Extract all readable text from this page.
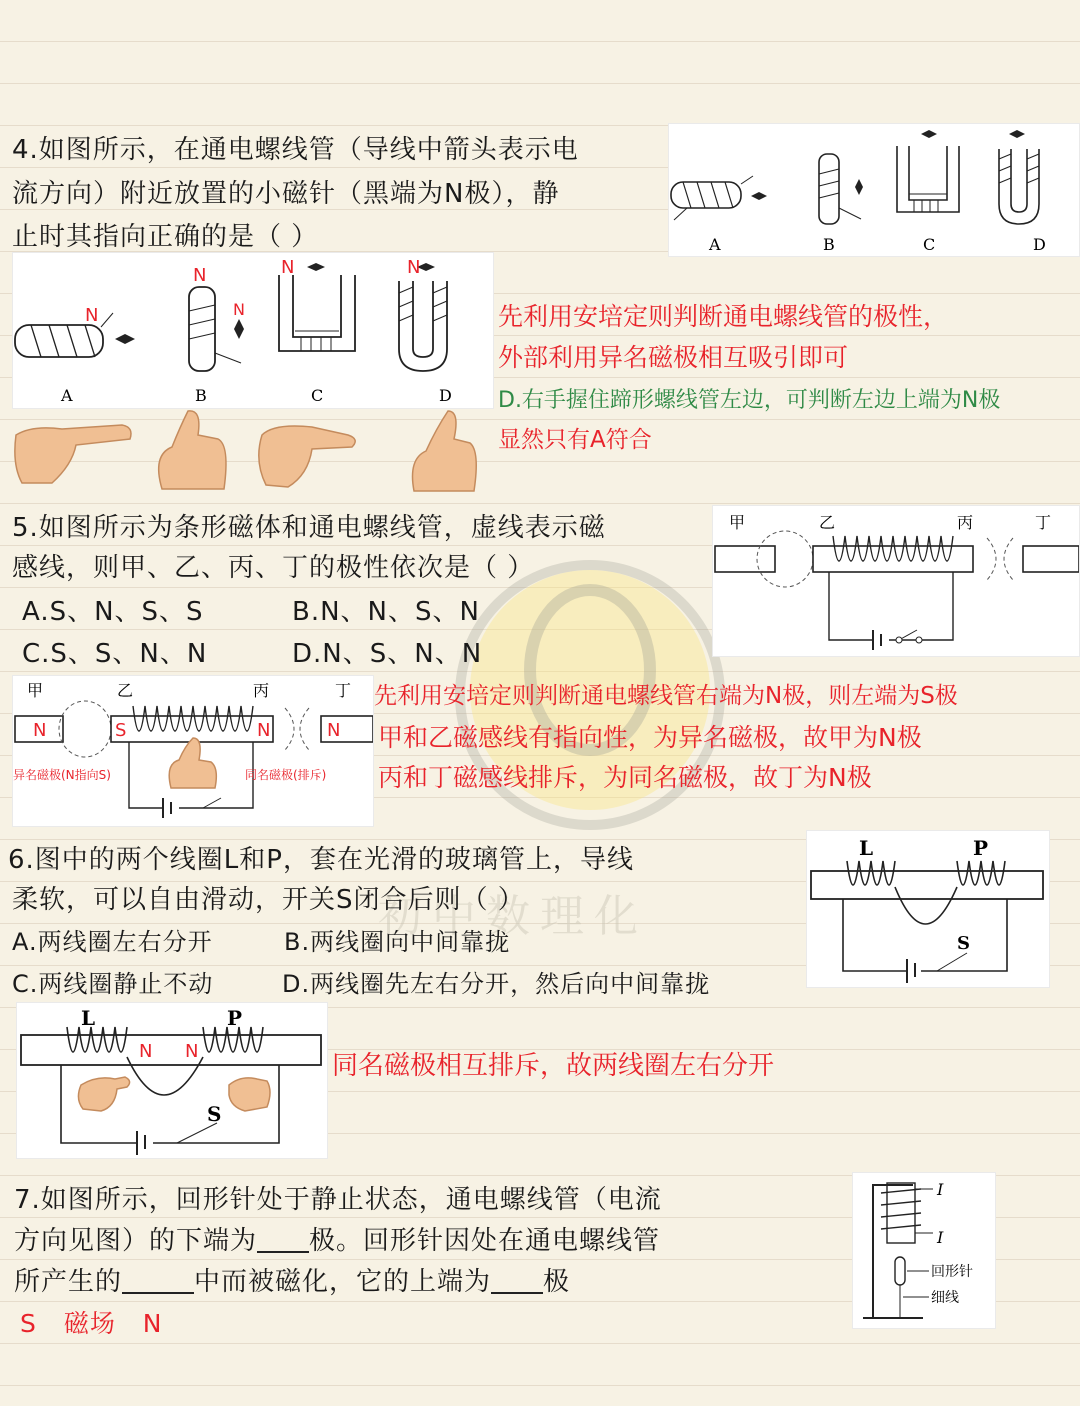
初中数理化
4.如图所示，在通电螺线管（导线中箭头表示电
流方向）附近放置的小磁针（黑端为N极），静
止时其指向正确的是（ ）	A	B	C	D
N
A
N
N
B
N
C
N
D
先利用安培定则判断通电螺线管的极性，
外部利用异名磁极相互吸引即可
D.右手握住蹄形螺线管左边，可判断左边上端为N极
显然只有A符合
5.如图所示为条形磁体和通电螺线管，虚线表示磁
感线，则甲、乙、丙、丁的极性依次是（ ）
A.S、N、S、S	B.N、N、S、N
C.S、S、N、N	D.N、S、N、N
甲	乙	丙	丁
甲	乙	丙	丁
N	S	N	N
异名磁极(N指向S)	同名磁极(排斥)
先利用安培定则判断通电螺线管右端为N极，则左端为S极
甲和乙磁感线有指向性，为异名磁极，故甲为N极
丙和丁磁感线排斥，为同名磁极，故丁为N极
6.图中的两个线圈L和P，套在光滑的玻璃管上，导线
柔软，可以自由滑动，开关S闭合后则（ ）
A.两线圈左右分开	B.两线圈向中间靠拢
C.两线圈静止不动	D.两线圈先左右分开，然后向中间靠拢
L	P
S
L	P
N N
S
同名磁极相互排斥，故两线圈左右分开
7.如图所示，回形针处于静止状态，通电螺线管（电流
方向见图）的下端为 极。回形针因处在通电螺线管
所产生的	中而被磁化，它的上端为 极
S 磁场 N
I
I
回形针
细线
